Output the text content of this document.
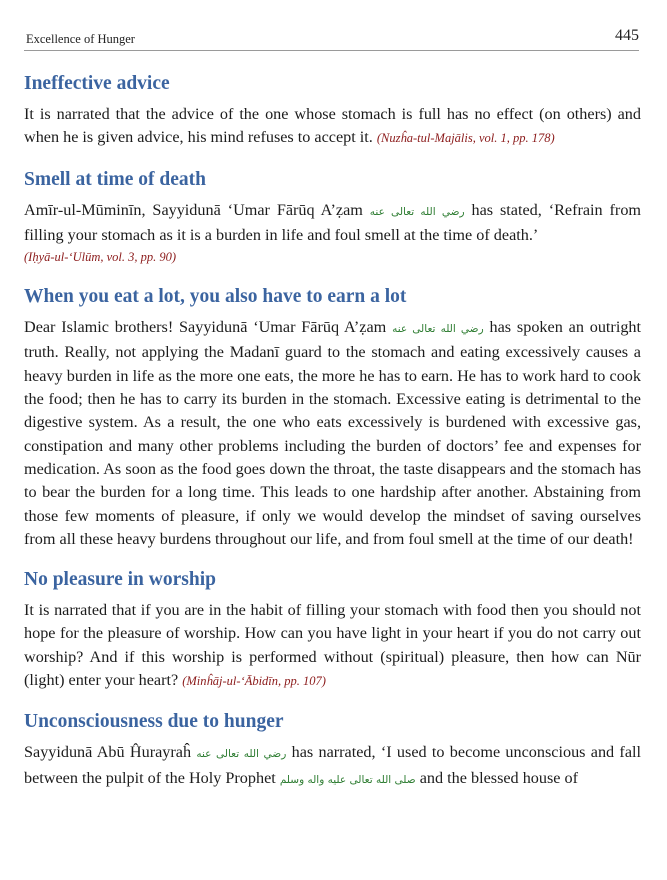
Excellence of Hunger	445
Ineffective advice

It is narrated that the advice of the one whose stomach is full has no effect (on others) and when he is given advice, his mind refuses to accept it. (Nuzĥa-tul-Majālis, vol. 1, pp. 178)

Smell at time of death

Amīr-ul-Mūminīn, Sayyidunā ‘Umar Fārūq A’ẓam رضي الله تعالى عنه has stated, ‘Refrain from filling your stomach as it is a burden in life and foul smell at the time of death.’
(Iḥyā-ul-‘Ulūm, vol. 3, pp. 90)

When you eat a lot, you also have to earn a lot

Dear Islamic brothers! Sayyidunā ‘Umar Fārūq A’ẓam رضي الله تعالى عنه has spoken an outright truth. Really, not applying the Madanī guard to the stomach and eating excessively causes a heavy burden in life as the more one eats, the more he has to earn. He has to work hard to cook the food; then he has to carry its burden in the stomach. Excessive eating is detrimental to the digestive system. As a result, the one who eats excessively is burdened with excessive gas, constipation and many other problems including the burden of doctors’ fee and expenses for medication. As soon as the food goes down the throat, the taste disappears and the stomach has to bear the burden for a long time. This leads to one hardship after another. Abstaining from those few moments of pleasure, if only we would develop the mindset of saving ourselves from all these heavy burdens throughout our life, and from foul smell at the time of our death!

No pleasure in worship

It is narrated that if you are in the habit of filling your stomach with food then you should not hope for the pleasure of worship. How can you have light in your heart if you do not carry out worship? And if this worship is performed without (spiritual) pleasure, then how can Nūr (light) enter your heart? (Minĥāj-ul-‘Ābidīn, pp. 107)

Unconsciousness due to hunger

Sayyidunā Abū Ĥurayraĥ رضي الله تعالى عنه has narrated, ‘I used to become unconscious and fall between the pulpit of the Holy Prophet صلى الله تعالى عليه واله وسلم and the blessed house of
